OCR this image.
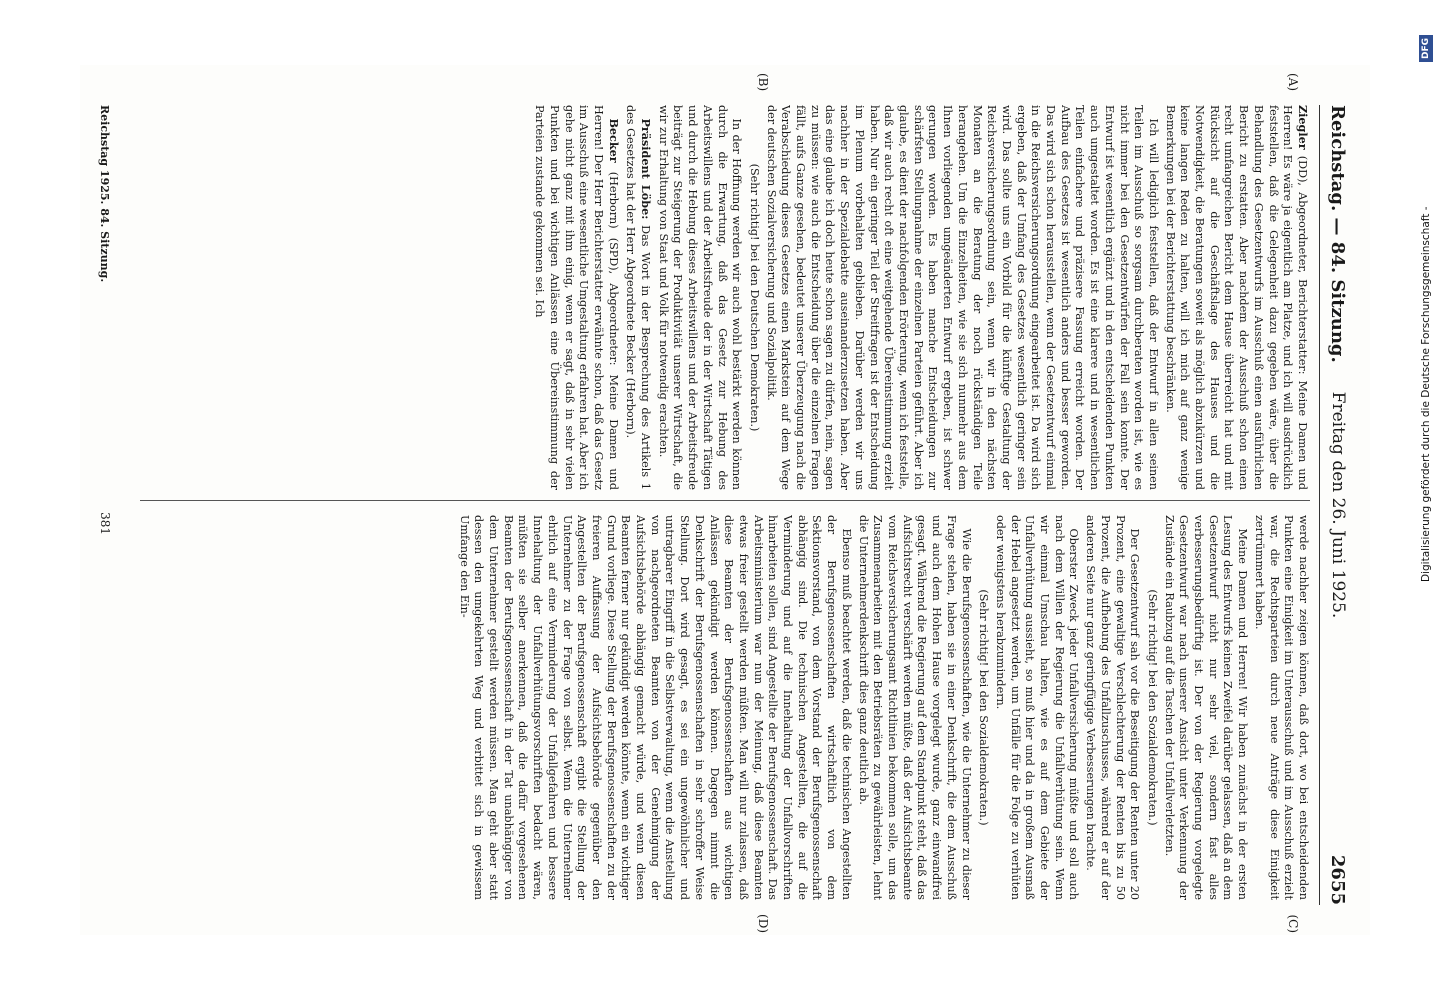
Reichstag. — 84. Sitzung.
Freitag den 26. Juni 1925.
2655
(A)
(B)
(C)
(D)

Ziegler (DD), Abgeordneter, Berichterstatter: Meine Damen und Herren! Es wäre ja eigentlich am Platze, und ich will ausdrücklich feststellen, daß die Gelegenheit dazu gegeben wäre, über die Behandlung des Gesetzentwurfs im Ausschuß einen ausführlichen Bericht zu erstatten. Aber nachdem der Ausschuß schon einen recht umfangreichen Bericht dem Hause überreicht hat und mit Rücksicht auf die Geschäftslage des Hauses und die Notwendigkeit, die Beratungen soweit als möglich abzukürzen und keine langen Reden zu halten, will ich mich auf ganz wenige Bemerkungen bei der Berichterstattung beschränken.

Ich will lediglich feststellen, daß der Entwurf in allen seinen Teilen im Ausschuß so sorgsam durchberaten worden ist, wie es nicht immer bei den Gesetzentwürfen der Fall sein konnte. Der Entwurf ist wesentlich ergänzt und in den entscheidenden Punkten auch umgestaltet worden. Es ist eine klarere und in wesentlichen Teilen einfachere und präzisere Fassung erreicht worden. Der Aufbau des Gesetzes ist wesentlich anders und besser geworden. Das wird sich schon herausstellen, wenn der Gesetzentwurf einmal in die Reichsversicherungsordnung eingearbeitet ist. Da wird sich ergeben, daß der Umfang des Gesetzes wesentlich geringer sein wird. Das sollte uns ein Vorbild für die künftige Gestaltung der Reichsversicherungsordnung sein, wenn wir in den nächsten Monaten an die Beratung der noch rückständigen Teile herangehen. Um die Einzelheiten, wie sie sich nunmehr aus dem Ihnen vorliegenden umgeänderten Entwurf ergeben, ist schwer gerungen worden. Es haben manche Entscheidungen zur schärfsten Stellungnahme der einzelnen Parteien geführt. Aber ich glaube, es dient der nachfolgenden Erörterung, wenn ich feststelle, daß wir auch recht oft eine weitgehende Übereinstimmung erzielt haben. Nur ein geringer Teil der Streitfragen ist der Entscheidung im Plenum vorbehalten geblieben. Darüber werden wir uns nachher in der Spezialdebatte auseinanderzusetzen haben. Aber das eine glaube ich doch heute schon sagen zu dürfen, nein, sagen zu müssen: wie auch die Entscheidung über die einzelnen Fragen fällt, aufs Ganze gesehen, bedeutet unserer Überzeugung nach die Verabschiedung dieses Gesetzes einen Markstein auf dem Wege der deutschen Sozialversicherung und Sozialpolitik.

(Sehr richtig! bei den Deutschen Demokraten.)

In der Hoffnung werden wir auch wohl bestärkt werden können durch die Erwartung, daß das Gesetz zur Hebung des Arbeitswillens und der Arbeitsfreude der in der Wirtschaft Tätigen und durch die Hebung dieses Arbeitswillens und der Arbeitsfreude beiträgt zur Steigerung der Produktivität unserer Wirtschaft, die wir zur Erhaltung von Staat und Volk für notwendig erachten.

Präsident Löbe: Das Wort in der Besprechung des Artikels 1 des Gesetzes hat der Herr Abgeordnete Becker (Herborn).

Becker (Herborn) (SPD), Abgeordneter: Meine Damen und Herren! Der Herr Berichterstatter erwähnte schon, daß das Gesetz im Ausschuß eine wesentliche Umgestaltung erfahren hat. Aber ich gehe nicht ganz mit ihm einig, wenn er sagt, daß in sehr vielen Punkten und bei wichtigen Anlässen eine Übereinstimmung der Parteien zustande gekommen sei. Ich

werde nachher zeigen können, daß dort, wo bei entscheidenden Punkten eine Einigkeit im Unterausschuß und im Ausschuß erzielt war, die Rechtsparteien durch neue Anträge diese Einigkeit zertrümmert haben.

Meine Damen und Herren! Wir haben zunächst in der ersten Lesung des Entwurfs keinen Zweifel darüber gelassen, daß an dem Gesetzentwurf nicht nur sehr viel, sondern fast alles verbesserungsbedürftig ist. Der von der Regierung vorgelegte Gesetzentwurf war nach unserer Ansicht unter Verkennung der Zustände ein Raubzug auf die Taschen der Unfallverletzten.

(Sehr richtig! bei den Sozialdemokraten.)

Der Gesetzentwurf sah vor die Beseitigung der Renten unter 20 Prozent, eine gewaltige Verschlechterung der Renten bis zu 50 Prozent, die Aufhebung des Unfallzuschusses, während er auf der anderen Seite nur ganz geringfügige Verbesserungen brachte.

Oberster Zweck jeder Unfallversicherung müßte und soll auch nach dem Willen der Regierung die Unfallverhütung sein. Wenn wir einmal Umschau halten, wie es auf dem Gebiete der Unfallverhütung aussieht, so muß hier und da in großem Ausmaß der Hebel angesetzt werden, um Unfälle für die Folge zu verhüten oder wenigstens herabzumindern.

(Sehr richtig! bei den Sozialdemokraten.)

Wie die Berufsgenossenschaften, wie die Unternehmer zu dieser Frage stehen, haben sie in einer Denkschrift, die dem Ausschuß und auch dem Hohen Hause vorgelegt wurde, ganz einwandfrei gesagt. Während die Regierung auf dem Standpunkt steht, daß das Aufsichtsrecht verschärft werden müßte, daß der Aufsichtsbeamte vom Reichsversicherungsamt Richtlinien bekommen solle, um das Zusammenarbeiten mit den Betriebsräten zu gewährleisten, lehnt die Unternehmerdenkschrift dies ganz deutlich ab.

Ebenso muß beachtet werden, daß die technischen Angestellten der Berufsgenossenschaften wirtschaftlich von dem Sektionsvorstand, von dem Vorstand der Berufsgenossenschaft abhängig sind. Die technischen Angestellten, die auf die Verminderung und auf die Innehaltung der Unfallvorschriften hinarbeiten sollen, sind Angestellte der Berufsgenossenschaft. Das Arbeitsministerium war nun der Meinung, daß diese Beamten etwas freier gestellt werden müßten. Man will nur zulassen, daß diese Beamten der Berufsgenossenschaften aus wichtigen Anlässen gekündigt werden können. Dagegen nimmt die Denkschrift der Berufsgenossenschaften in sehr schroffer Weise Stellung. Dort wird gesagt, es sei ein ungewöhnlicher und untragbarer Eingriff in die Selbstverwaltung, wenn die Anstellung von nachgeordneten Beamten von der Genehmigung der Aufsichtsbehörde abhängig gemacht würde, und wenn diesen Beamten ferner nur gekündigt werden könnte, wenn ein wichtiger Grund vorliege. Diese Stellung der Berufsgenossenschaften zu der freieren Auffassung der Aufsichtsbehörde gegenüber den Angestellten der Berufsgenossenschaft ergibt die Stellung der Unternehmer zu der Frage von selbst. Wenn die Unternehmer ehrlich auf eine Verminderung der Unfallgefahren und bessere Innehaltung der Unfallverhütungsvorschriften bedacht wären, müßten sie selber anerkennen, daß die dafür vorgesehenen Beamten der Berufsgenossenschaft in der Tat unabhängiger von dem Unternehmer gestellt werden müssen. Man geht aber statt dessen den umgekehrten Weg und verbittet sich in gewissem Umfange den Ein-

Reichstag 1925. 84. Sitzung.
381	Digitalisierung gefördert durch die Deutsche Forschungsgemeinschaft -
DFG
